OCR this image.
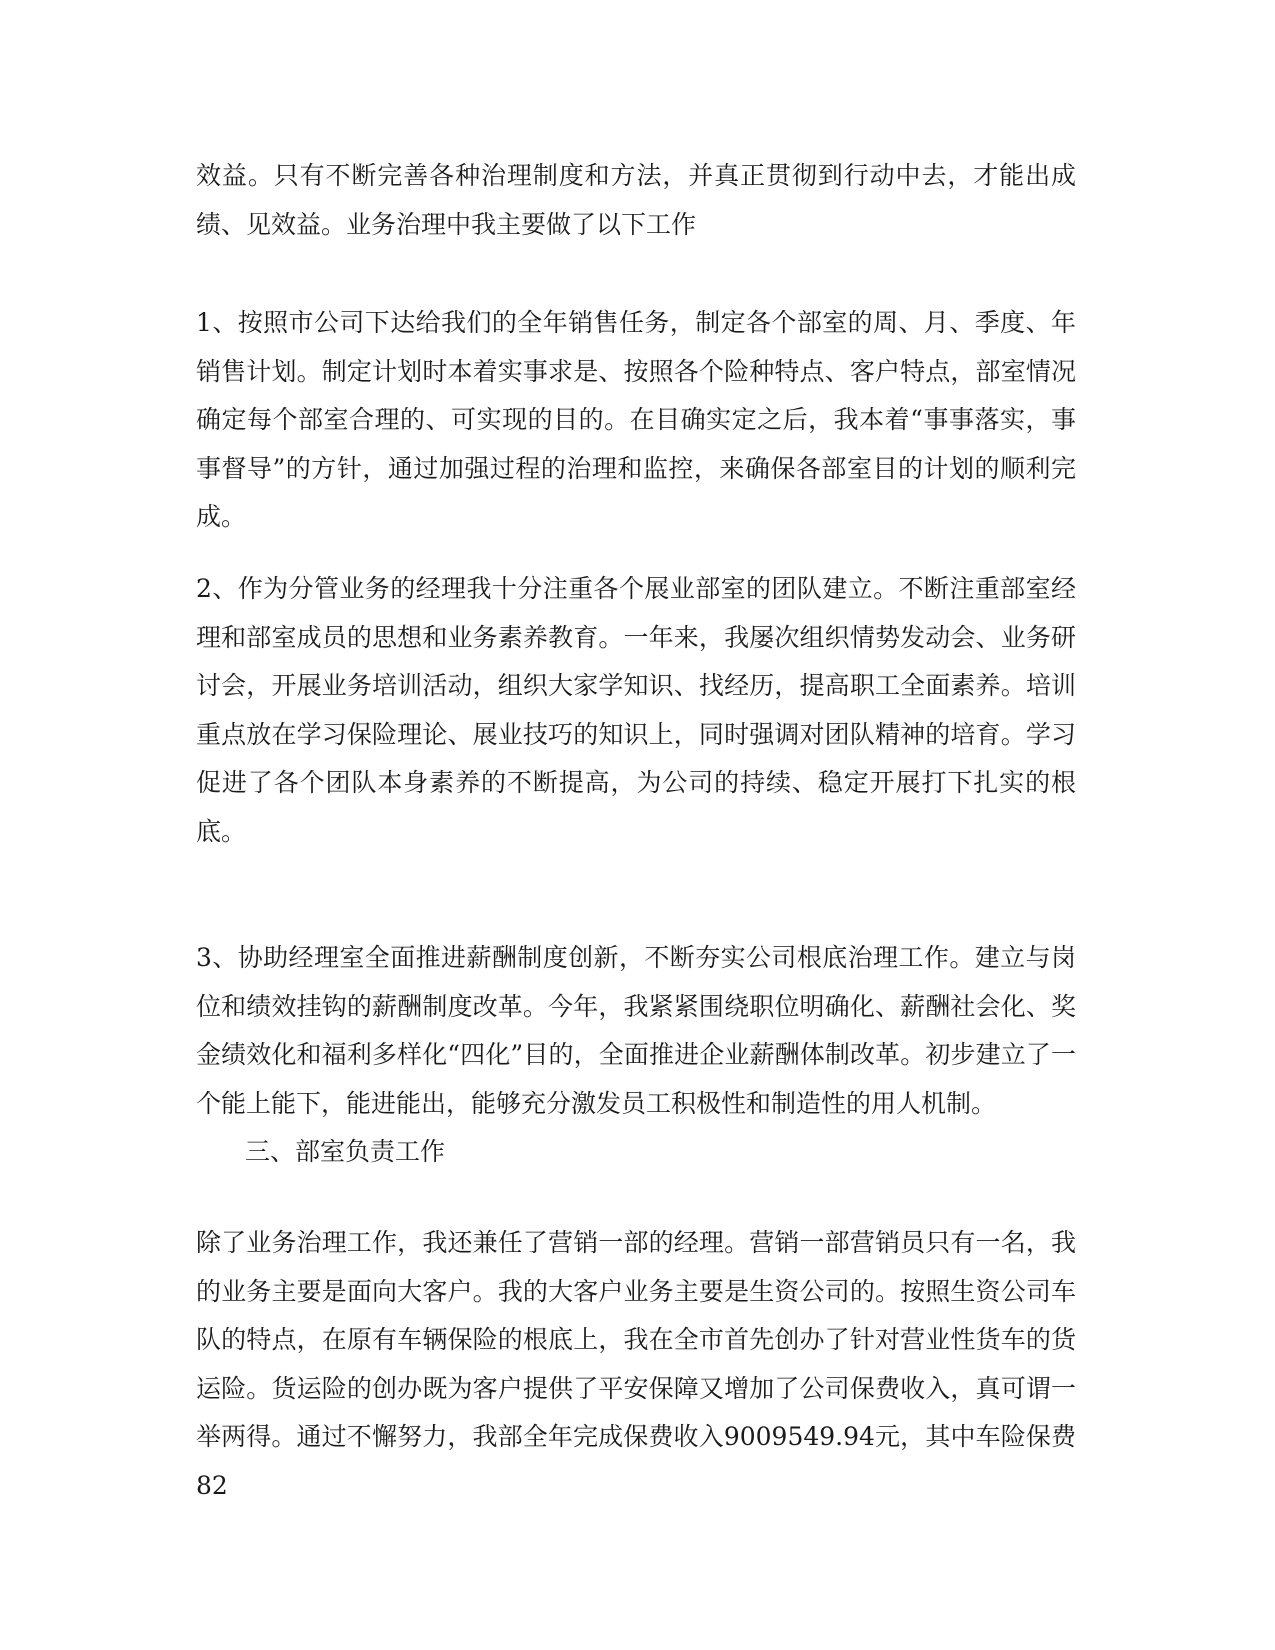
效益。只有不断完善各种治理制度和方法，并真正贯彻到行动中去，才能出成绩、见效益。业务治理中我主要做了以下工作

1、按照市公司下达给我们的全年销售任务，制定各个部室的周、月、季度、年销售计划。制定计划时本着实事求是、按照各个险种特点、客户特点，部室情况确定每个部室合理的、可实现的目的。在目确实定之后，我本着“事事落实，事事督导”的方针，通过加强过程的治理和监控，来确保各部室目的计划的顺利完成。

2、作为分管业务的经理我十分注重各个展业部室的团队建立。不断注重部室经理和部室成员的思想和业务素养教育。一年来，我屡次组织情势发动会、业务研讨会，开展业务培训活动，组织大家学知识、找经历，提高职工全面素养。培训重点放在学习保险理论、展业技巧的知识上，同时强调对团队精神的培育。学习促进了各个团队本身素养的不断提高，为公司的持续、稳定开展打下扎实的根底。

3、协助经理室全面推进薪酬制度创新，不断夯实公司根底治理工作。建立与岗位和绩效挂钩的薪酬制度改革。今年，我紧紧围绕职位明确化、薪酬社会化、奖金绩效化和福利多样化“四化”目的，全面推进企业薪酬体制改革。初步建立了一个能上能下，能进能出，能够充分激发员工积极性和制造性的用人机制。

三、部室负责工作

除了业务治理工作，我还兼任了营销一部的经理。营销一部营销员只有一名，我的业务主要是面向大客户。我的大客户业务主要是生资公司的。按照生资公司车队的特点，在原有车辆保险的根底上，我在全市首先创办了针对营业性货车的货运险。货运险的创办既为客户提供了平安保障又增加了公司保费收入，真可谓一举两得。通过不懈努力，我部全年完成保费收入9009549.94元，其中车险保费82
